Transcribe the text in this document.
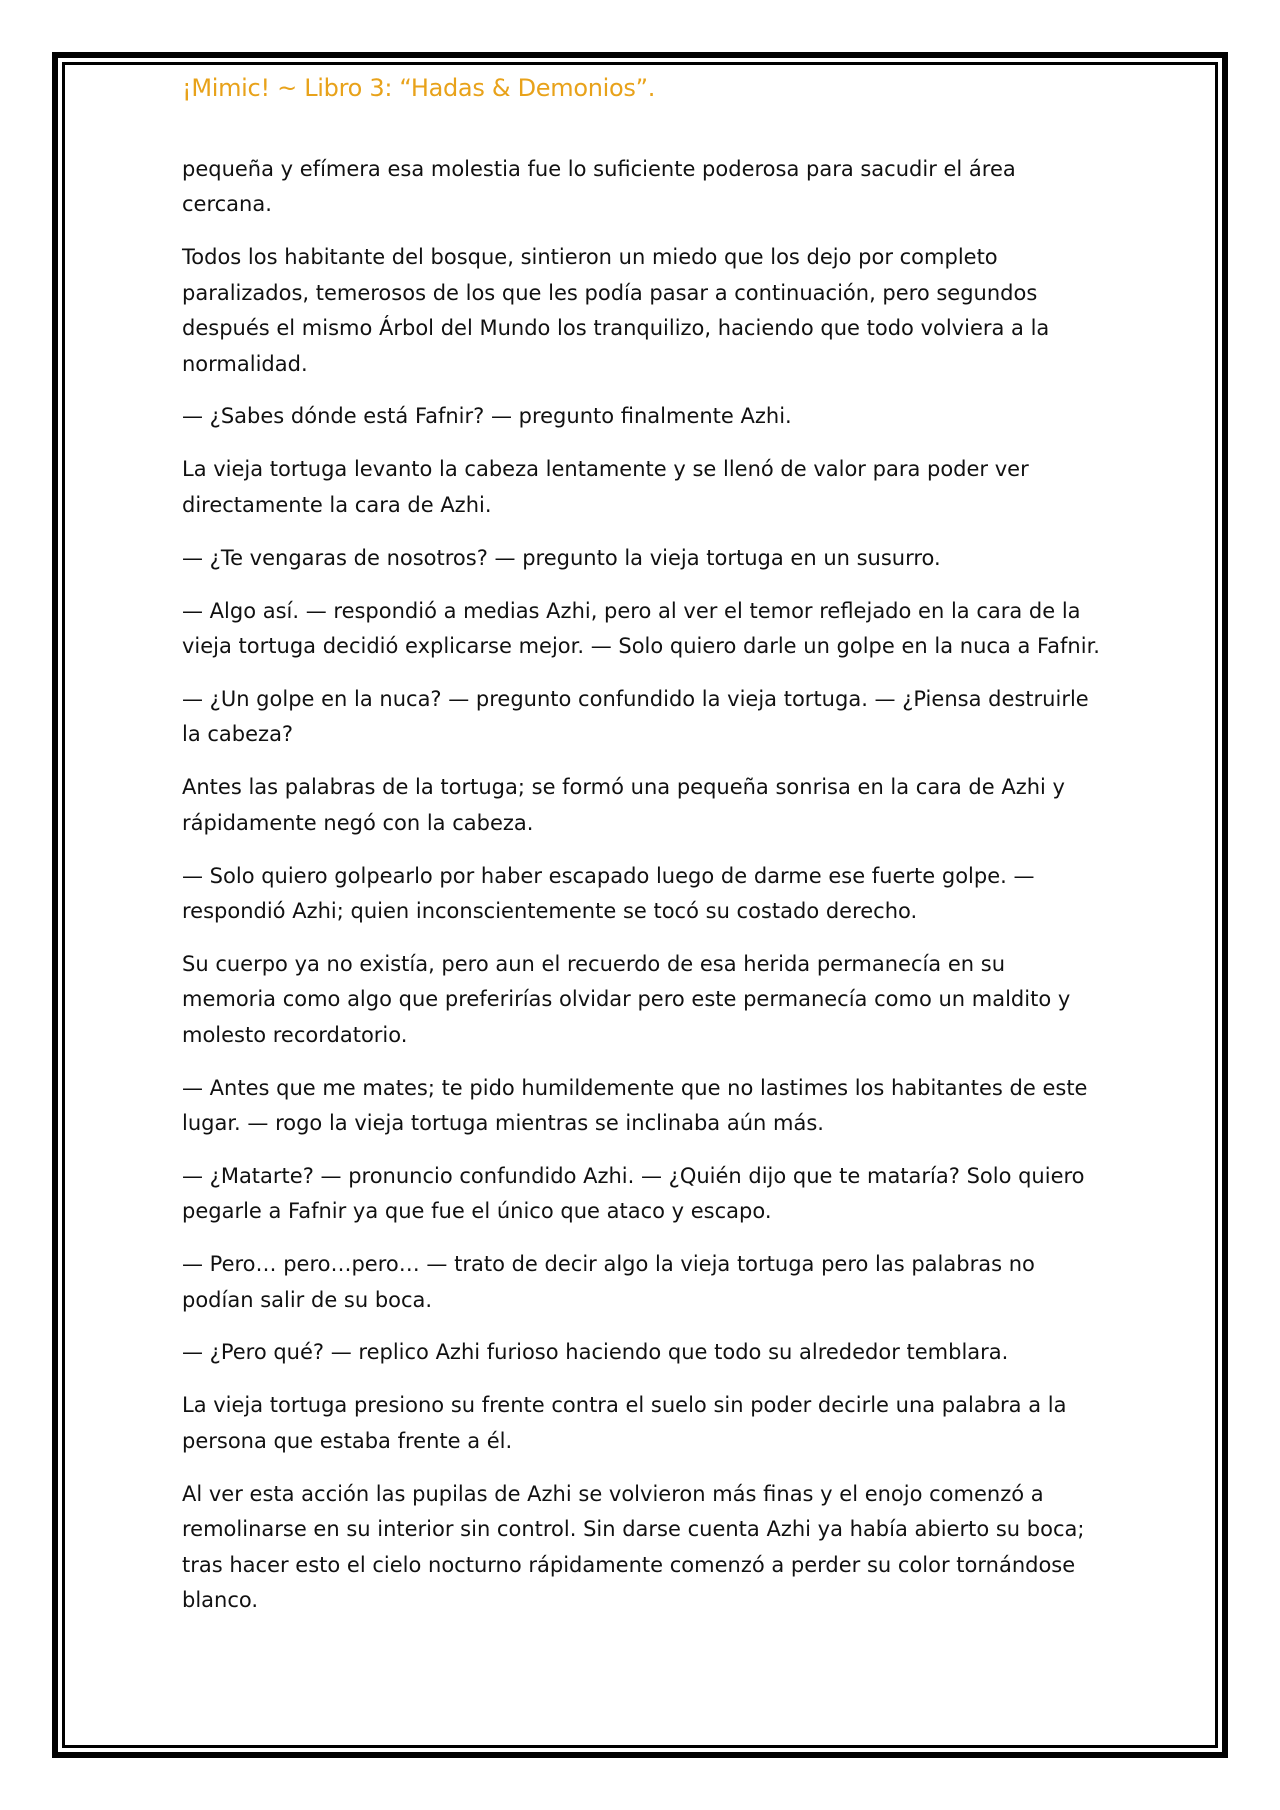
¡Mimic! ~ Libro 3: “Hadas & Demonios”.

pequeña y efímera esa molestia fue lo suficiente poderosa para sacudir el área cercana.

Todos los habitante del bosque, sintieron un miedo que los dejo por completo paralizados, temerosos de los que les podía pasar a continuación, pero segundos después el mismo Árbol del Mundo los tranquilizo, haciendo que todo volviera a la normalidad.

— ¿Sabes dónde está Fafnir? — pregunto finalmente Azhi.

La vieja tortuga levanto la cabeza lentamente y se llenó de valor para poder ver directamente la cara de Azhi.

— ¿Te vengaras de nosotros? — pregunto la vieja tortuga en un susurro.

— Algo así. — respondió a medias Azhi, pero al ver el temor reflejado en la cara de la vieja tortuga decidió explicarse mejor. — Solo quiero darle un golpe en la nuca a Fafnir.

— ¿Un golpe en la nuca? — pregunto confundido la vieja tortuga. — ¿Piensa destruirle la cabeza?

Antes las palabras de la tortuga; se formó una pequeña sonrisa en la cara de Azhi y rápidamente negó con la cabeza.

— Solo quiero golpearlo por haber escapado luego de darme ese fuerte golpe. — respondió Azhi; quien inconscientemente se tocó su costado derecho.

Su cuerpo ya no existía, pero aun el recuerdo de esa herida permanecía en su memoria como algo que preferirías olvidar pero este permanecía como un maldito y molesto recordatorio.

— Antes que me mates; te pido humildemente que no lastimes los habitantes de este lugar. — rogo la vieja tortuga mientras se inclinaba aún más.

— ¿Matarte? — pronuncio confundido Azhi. — ¿Quién dijo que te mataría? Solo quiero pegarle a Fafnir ya que fue el único que ataco y escapo.

— Pero… pero…pero… — trato de decir algo la vieja tortuga pero las palabras no podían salir de su boca.

— ¿Pero qué? — replico Azhi furioso haciendo que todo su alrededor temblara.

La vieja tortuga presiono su frente contra el suelo sin poder decirle una palabra a la persona que estaba frente a él.

Al ver esta acción las pupilas de Azhi se volvieron más finas y el enojo comenzó a remolinarse en su interior sin control. Sin darse cuenta Azhi ya había abierto su boca; tras hacer esto el cielo nocturno rápidamente comenzó a perder su color tornándose blanco.
